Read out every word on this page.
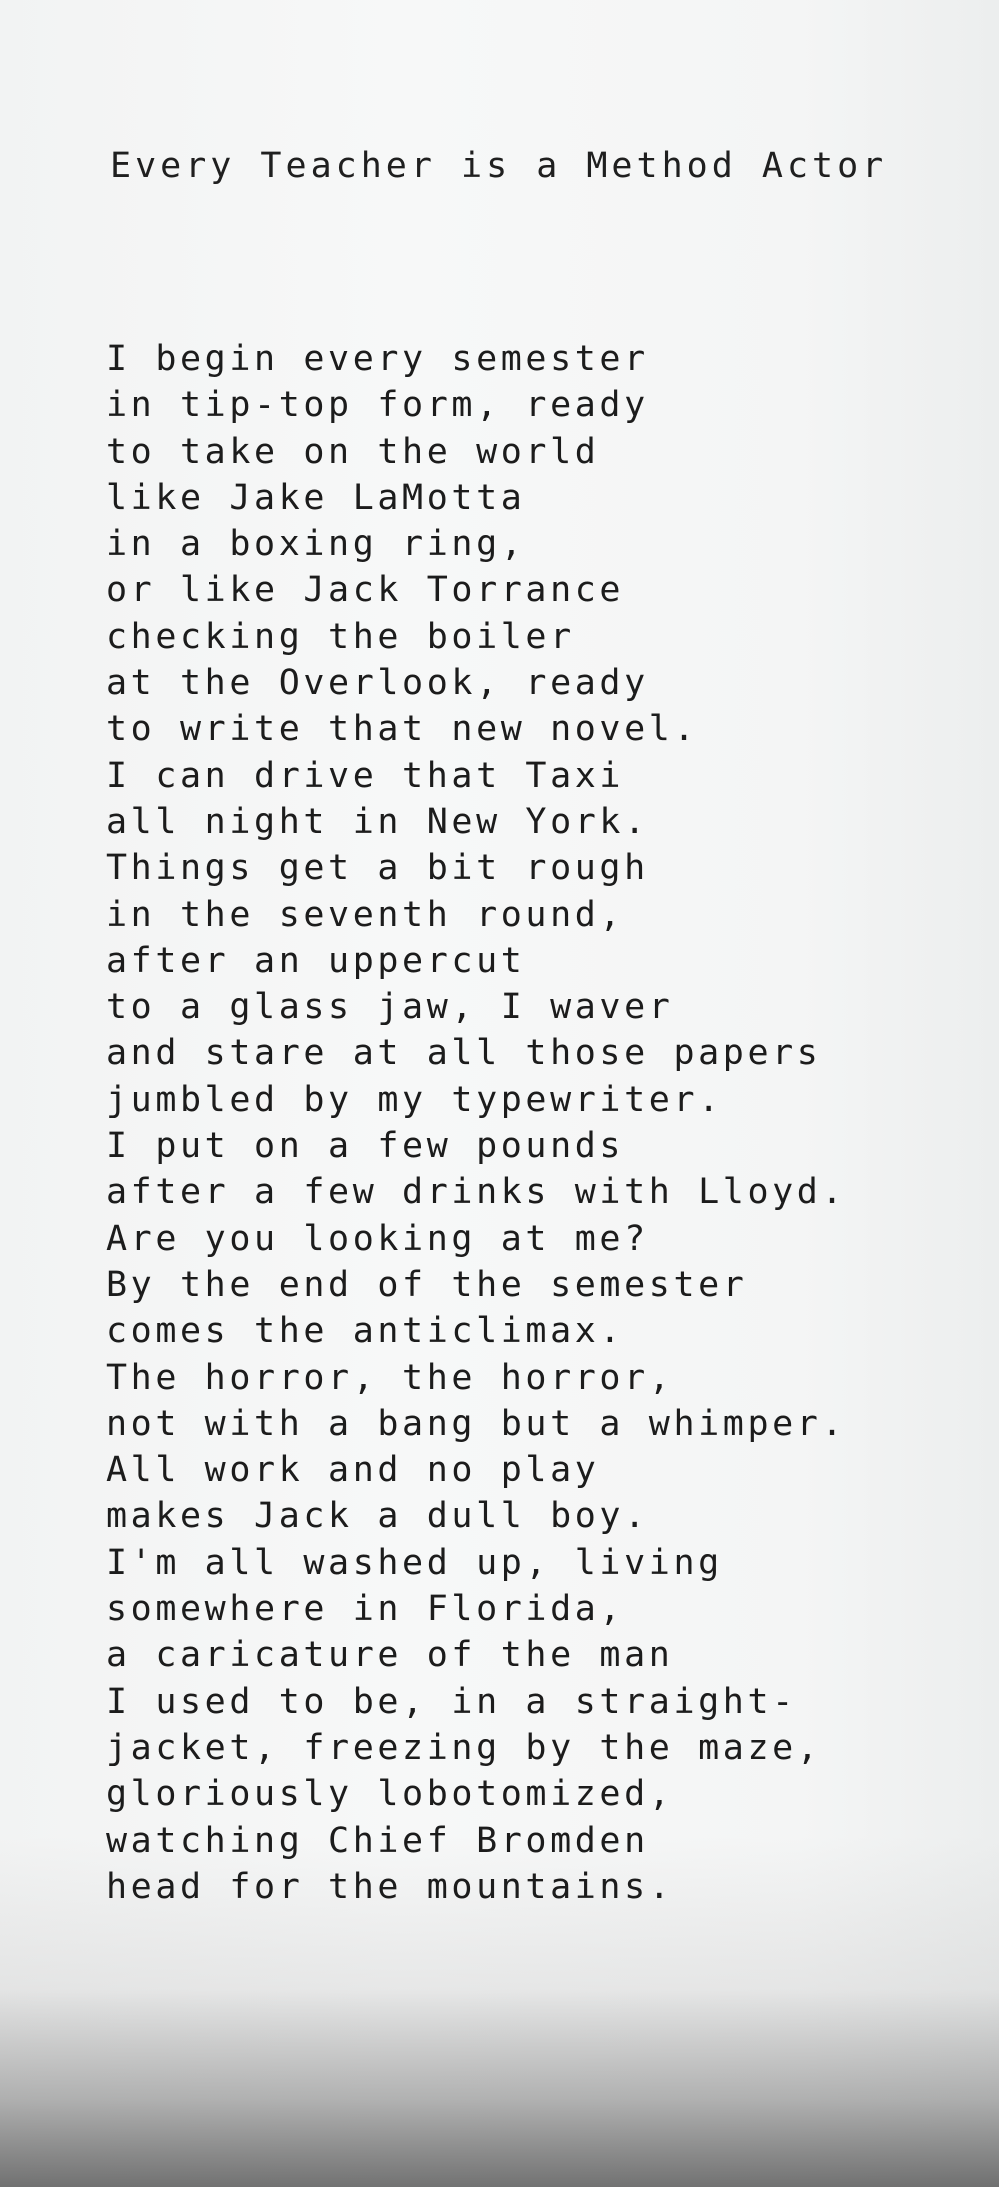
Every Teacher is a Method Actor
I begin every semester
in tip-top form, ready
to take on the world
like Jake LaMotta
in a boxing ring,
or like Jack Torrance
checking the boiler
at the Overlook, ready
to write that new novel.
I can drive that Taxi
all night in New York.
Things get a bit rough
in the seventh round,
after an uppercut
to a glass jaw, I waver
and stare at all those papers
jumbled by my typewriter.
I put on a few pounds
after a few drinks with Lloyd.
Are you looking at me?
By the end of the semester
comes the anticlimax.
The horror, the horror,
not with a bang but a whimper.
All work and no play
makes Jack a dull boy.
I'm all washed up, living
somewhere in Florida,
a caricature of the man
I used to be, in a straight-
jacket, freezing by the maze,
gloriously lobotomized,
watching Chief Bromden
head for the mountains.
